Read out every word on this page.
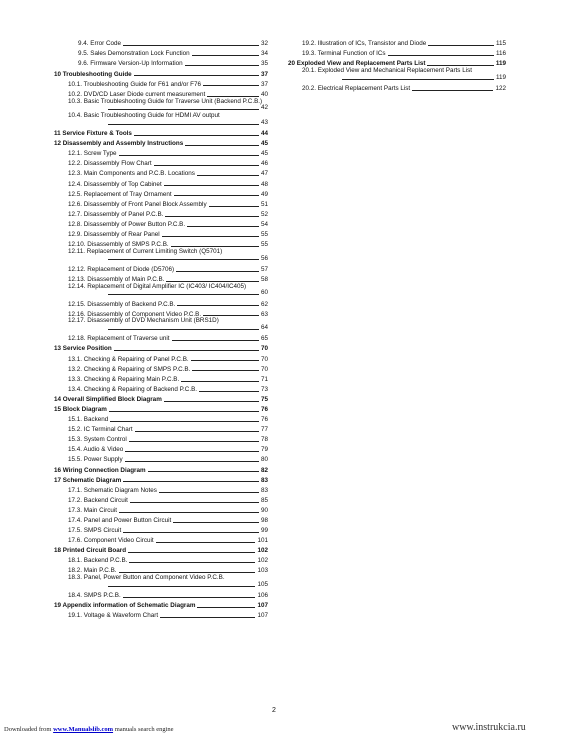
9.4. Error Code	32
9.5. Sales Demonstration Lock Function	34
9.6. Firmware Version-Up Information	35
10 Troubleshooting Guide	37
10.1. Troubleshooting Guide for F61 and/or F76	37
10.2. DVD/CD Laser Diode current measurement	40
10.3. Basic Troubleshooting Guide for Traverse Unit (Backend P.C.B.)
42
10.4. Basic Troubleshooting Guide for HDMI AV output
43
11 Service Fixture & Tools	44
12 Disassembly and Assembly Instructions	45
12.1. Screw Type	45
12.2. Disassembly Flow Chart	46
12.3. Main Components and P.C.B. Locations	47
12.4. Disassembly of Top Cabinet	48
12.5. Replacement of Tray Ornament	49
12.6. Disassembly of Front Panel Block Assembly	51
12.7. Disassembly of Panel P.C.B.	52
12.8. Disassembly of Power Button P.C.B.	54
12.9. Disassembly of Rear Panel	55
12.10. Disassembly of SMPS P.C.B.	55
12.11. Replacement of Current Limiting Switch (Q5701)
56
12.12. Replacement of Diode (D5706)	57
12.13. Disassembly of Main P.C.B.	58
12.14. Replacement of Digital Amplifier IC (IC403/ IC404/IC405)
60
12.15. Disassembly of Backend P.C.B.	62
12.16. Disassembly of Component Video P.C.B.	63
12.17. Disassembly of DVD Mechanism Unit (BRS1D)
64
12.18. Replacement of Traverse unit	65
13 Service Position	70
13.1. Checking & Repairing of Panel P.C.B.	70
13.2. Checking & Repairing of SMPS P.C.B.	70
13.3. Checking & Repairing Main P.C.B.	71
13.4. Checking & Repairing of Backend P.C.B.	73
14 Overall Simplified Block Diagram	75
15 Block Diagram	76
15.1. Backend	76
15.2. IC Terminal Chart	77
15.3. System Control	78
15.4. Audio & Video	79
15.5. Power Supply	80
16 Wiring Connection Diagram	82
17 Schematic Diagram	83
17.1. Schematic Diagram Notes	83
17.2. Backend Circuit	85
17.3. Main Circuit	90
17.4. Panel and Power Button Circuit	98
17.5. SMPS Circuit	99
17.6. Component Video Circuit	101
18 Printed Circuit Board	102
18.1. Backend P.C.B.	102
18.2. Main P.C.B.	103
18.3. Panel, Power Button and Component Video P.C.B.
105
18.4. SMPS P.C.B.	106
19 Appendix information of Schematic Diagram	107
19.1. Voltage & Waveform Chart	107
19.2. Illustration of ICs, Transistor and Diode	115
19.3. Terminal Function of ICs	116
20 Exploded View and Replacement Parts List	119
20.1. Exploded View and Mechanical Replacement Parts List
119
20.2. Electrical Replacement Parts List	122
2
Downloaded from www.Manualslib.com manuals search engine	www.instrukcia.ru
